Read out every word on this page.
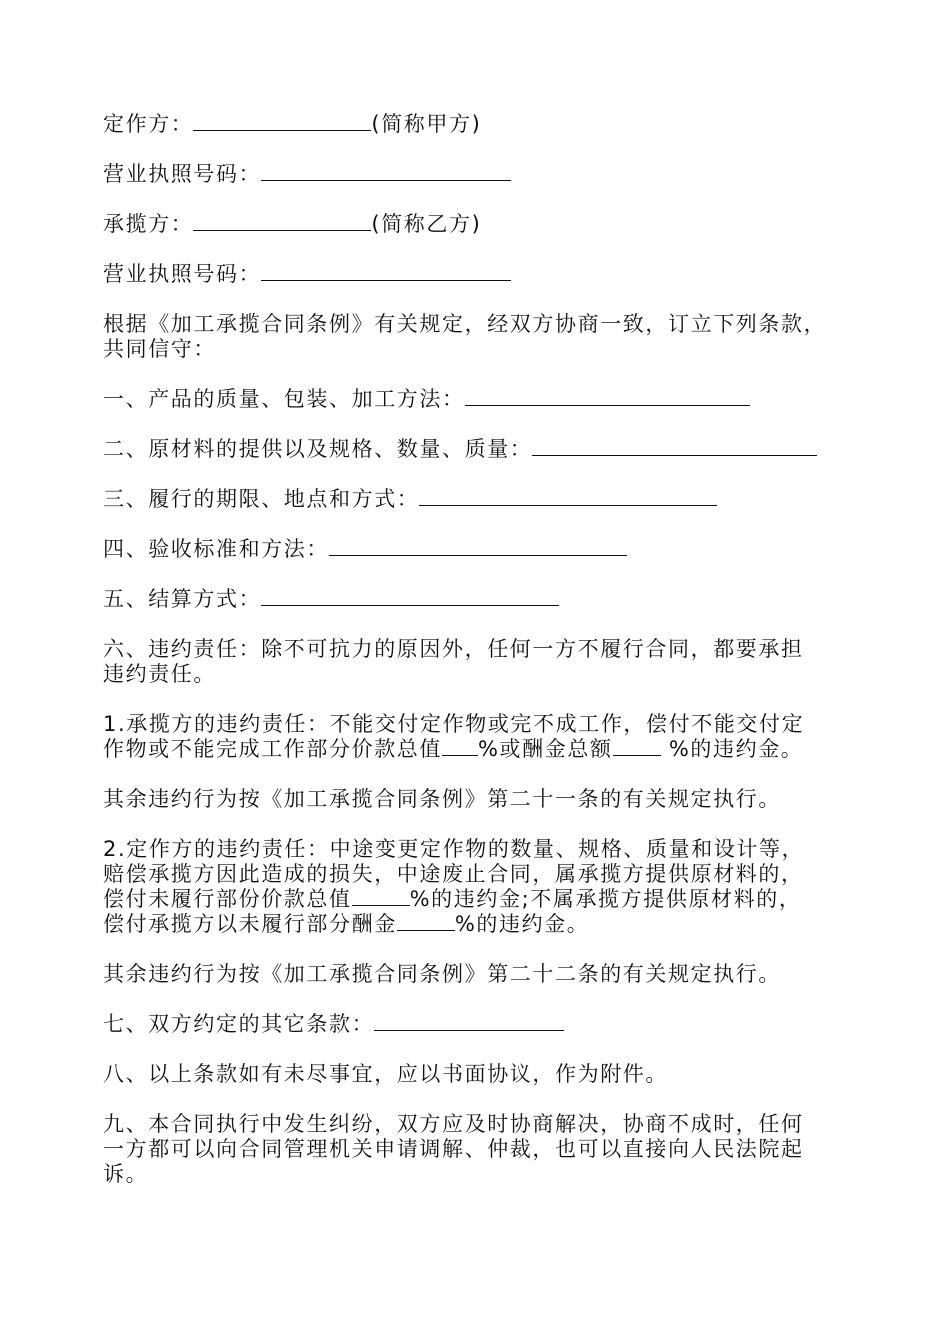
定作方：	(简称甲方)

营业执照号码：

承揽方：	(简称乙方)

营业执照号码：

根据《加工承揽合同条例》有关规定，经双方协商一致，订立下列条款，
共同信守：

一、产品的质量、包装、加工方法：

二、原材料的提供以及规格、数量、质量：

三、履行的期限、地点和方式：

四、验收标准和方法：

五、结算方式：

六、违约责任：除不可抗力的原因外，任何一方不履行合同，都要承担
违约责任。

1.承揽方的违约责任：不能交付定作物或完不成工作，偿付不能交付定
作物或不能完成工作部分价款总值 %或酬金总额 %的违约金。

其余违约行为按《加工承揽合同条例》第二十一条的有关规定执行。

2.定作方的违约责任：中途变更定作物的数量、规格、质量和设计等，
赔偿承揽方因此造成的损失，中途废止合同，属承揽方提供原材料的，
偿付未履行部份价款总值	%的违约金;不属承揽方提供原材料的，
偿付承揽方以未履行部分酬金	%的违约金。

其余违约行为按《加工承揽合同条例》第二十二条的有关规定执行。

七、双方约定的其它条款：

八、以上条款如有未尽事宜，应以书面协议，作为附件。

九、本合同执行中发生纠纷，双方应及时协商解决，协商不成时，任何
一方都可以向合同管理机关申请调解、仲裁，也可以直接向人民法院起
诉。
